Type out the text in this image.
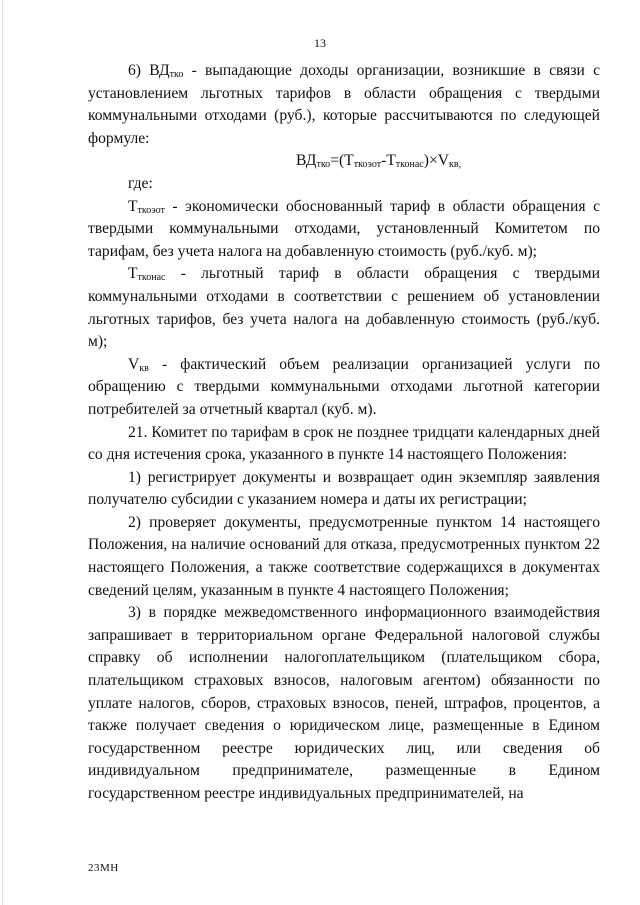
13

6) $ВД_{тко}$ - выпадающие доходы организации, возникшие в связи с установлением льготных тарифов в области обращения с твердыми коммунальными отходами (руб.), которые рассчитываются по следующей формуле:

$ВД_{тко}=(Т_{ткоэот}-Т_{тконас})\times V_{кв,}$

где:

$Т_{ткоэот}$ - экономически обоснованный тариф в области обращения с твердыми коммунальными отходами, установленный Комитетом по тарифам, без учета налога на добавленную стоимость (руб./куб. м);

$Т_{тконас}$ - льготный тариф в области обращения с твердыми коммунальными отходами в соответствии с решением об установлении льготных тарифов, без учета налога на добавленную стоимость (руб./куб. м);

$V_{кв}$ - фактический объем реализации организацией услуги по обращению с твердыми коммунальными отходами льготной категории потребителей за отчетный квартал (куб. м).

21. Комитет по тарифам в срок не позднее тридцати календарных дней со дня истечения срока, указанного в пункте 14 настоящего Положения:

1) регистрирует документы и возвращает один экземпляр заявления получателю субсидии с указанием номера и даты их регистрации;

2) проверяет документы, предусмотренные пунктом 14 настоящего Положения, на наличие оснований для отказа, предусмотренных пунктом 22 настоящего Положения, а также соответствие содержащихся в документах сведений целям, указанным в пункте 4 настоящего Положения;

3) в порядке межведомственного информационного взаимодействия запрашивает в территориальном органе Федеральной налоговой службы справку об исполнении налогоплательщиком (плательщиком сбора, плательщиком страховых взносов, налоговым агентом) обязанности по уплате налогов, сборов, страховых взносов, пеней, штрафов, процентов, а также получает сведения о юридическом лице, размещенные в Едином государственном реестре юридических лиц, или сведения об индивидуальном предпринимателе, размещенные в Едином государственном реестре индивидуальных предпринимателей, на

23МН
